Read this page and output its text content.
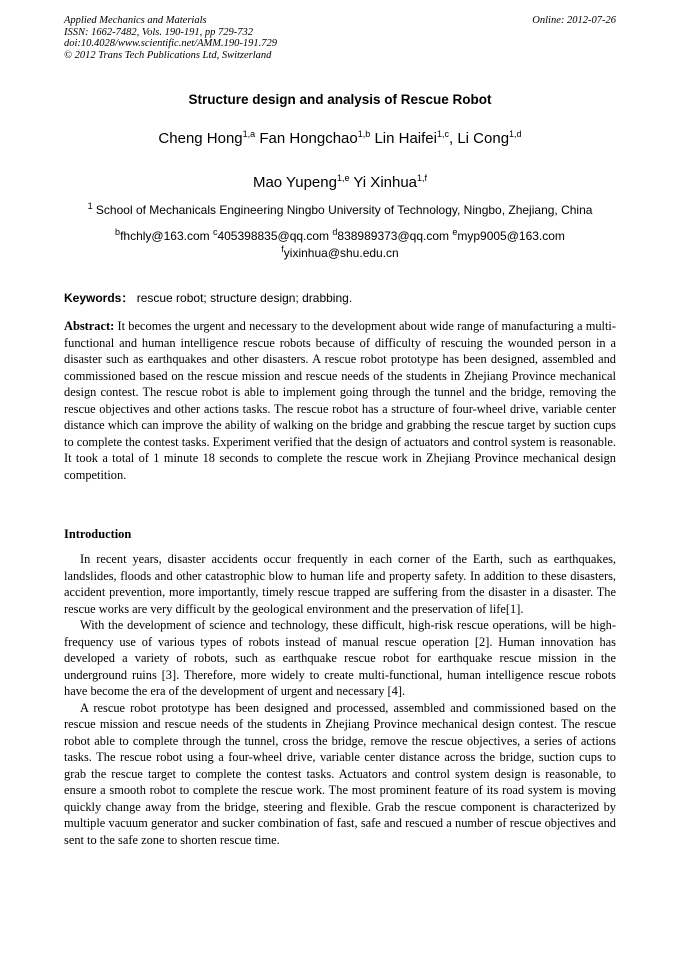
Applied Mechanics and Materials
ISSN: 1662-7482, Vols. 190-191, pp 729-732
doi:10.4028/www.scientific.net/AMM.190-191.729
© 2012 Trans Tech Publications Ltd, Switzerland
Online: 2012-07-26
Structure design and analysis of Rescue Robot
Cheng Hong$^{1,a}$ Fan Hongchao$^{1,b}$ Lin Haifei$^{1,c}$, Li Cong$^{1,d}$
Mao Yupeng$^{1,e}$ Yi Xinhua$^{1,f}$
$^1$ School of Mechanicals Engineering Ningbo University of Technology, Ningbo, Zhejiang, China
$^b$fhchly@163.com $^c$405398835@qq.com $^d$838989373@qq.com $^e$myp9005@163.com
$^f$yixinhua@shu.edu.cn
Keywords： rescue robot; structure design; drabbing.
Abstract: It becomes the urgent and necessary to the development about wide range of manufacturing a multi-functional and human intelligence rescue robots because of difficulty of rescuing the wounded person in a disaster such as earthquakes and other disasters. A rescue robot prototype has been designed, assembled and commissioned based on the rescue mission and rescue needs of the students in Zhejiang Province mechanical design contest. The rescue robot is able to implement going through the tunnel and the bridge, removing the rescue objectives and other actions tasks. The rescue robot has a structure of four-wheel drive, variable center distance which can improve the ability of walking on the bridge and grabbing the rescue target by suction cups to complete the contest tasks. Experiment verified that the design of actuators and control system is reasonable. It took a total of 1 minute 18 seconds to complete the rescue work in Zhejiang Province mechanical design competition.
Introduction

In recent years, disaster accidents occur frequently in each corner of the Earth, such as earthquakes, landslides, floods and other catastrophic blow to human life and property safety. In addition to these disasters, accident prevention, more importantly, timely rescue trapped are suffering from the disaster in a disaster. The rescue works are very difficult by the geological environment and the preservation of life[1].

With the development of science and technology, these difficult, high-risk rescue operations, will be high-frequency use of various types of robots instead of manual rescue operation [2]. Human innovation has developed a variety of robots, such as earthquake rescue robot for earthquake rescue mission in the underground ruins [3]. Therefore, more widely to create multi-functional, human intelligence rescue robots have become the era of the development of urgent and necessary [4].

A rescue robot prototype has been designed and processed, assembled and commissioned based on the rescue mission and rescue needs of the students in Zhejiang Province mechanical design contest. The rescue robot able to complete through the tunnel, cross the bridge, remove the rescue objectives, a series of actions tasks. The rescue robot using a four-wheel drive, variable center distance across the bridge, suction cups to grab the rescue target to complete the contest tasks. Actuators and control system design is reasonable, to ensure a smooth robot to complete the rescue work. The most prominent feature of its road system is moving quickly change away from the bridge, steering and flexible. Grab the rescue component is characterized by multiple vacuum generator and sucker combination of fast, safe and rescued a number of rescue objectives and sent to the safe zone to shorten rescue time.
